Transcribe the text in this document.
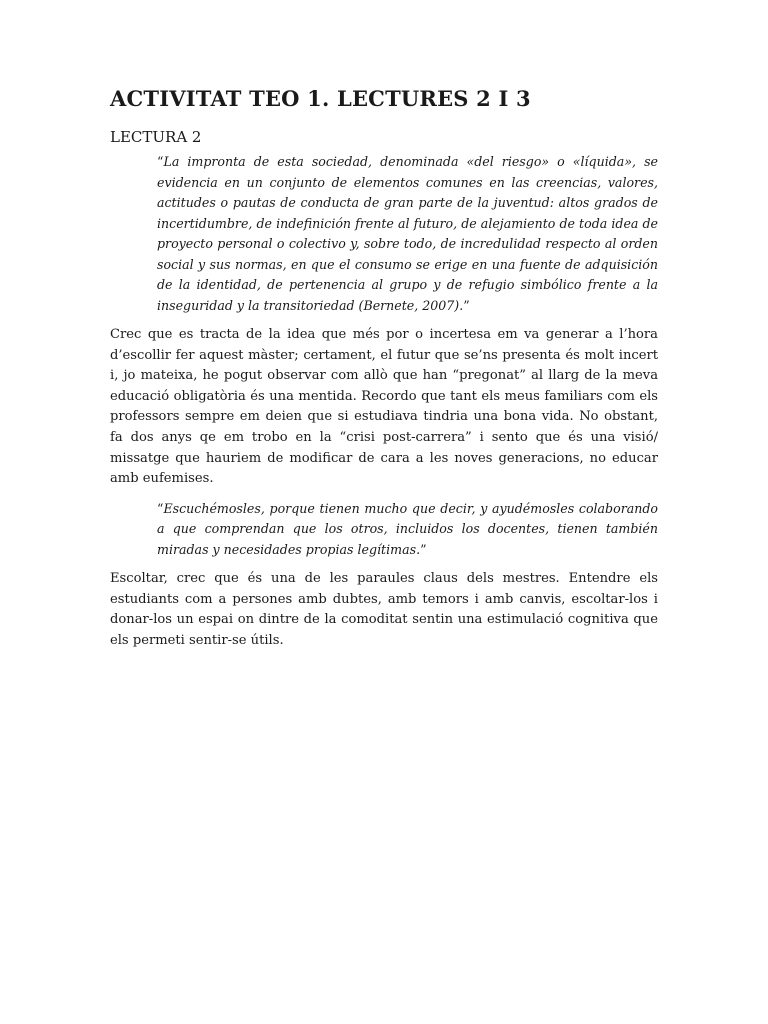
ACTIVITAT TEO 1. LECTURES 2 I 3
LECTURA 2

“La impronta de esta sociedad, denominada «del riesgo» o «líquida», se evidencia en un conjunto de elementos comunes en las creencias, valores, actitudes o pautas de conducta de gran parte de la juventud: altos grados de incertidumbre, de indefinición frente al futuro, de alejamiento de toda idea de proyecto personal o colectivo y, sobre todo, de incredulidad respecto al orden social y sus normas, en que el consumo se erige en una fuente de adquisición de la identidad, de pertenencia al grupo y de refugio simbólico frente a la inseguridad y la transitoriedad (Bernete, 2007).”

Crec que es tracta de la idea que més por o incertesa em va generar a l’hora d’escollir fer aquest màster; certament, el futur que se’ns presenta és molt incert i, jo mateixa, he pogut observar com allò que han “pregonat” al llarg de la meva educació obligatòria és una mentida. Recordo que tant els meus familiars com els professors sempre em deien que si estudiava tindria una bona vida. No obstant, fa dos anys qe em trobo en la “crisi post-carrera” i sento que és una visió/ missatge que hauriem de modificar de cara a les noves generacions, no educar amb eufemises.

“Escuchémosles, porque tienen mucho que decir, y ayudémosles colaborando a que comprendan que los otros, incluidos los docentes, tienen también miradas y necesidades propias legítimas.”

Escoltar, crec que és una de les paraules claus dels mestres. Entendre els estudiants com a persones amb dubtes, amb temors i amb canvis, escoltar-los i donar-los un espai on dintre de la comoditat sentin una estimulació cognitiva que els permeti sentir-se útils.
